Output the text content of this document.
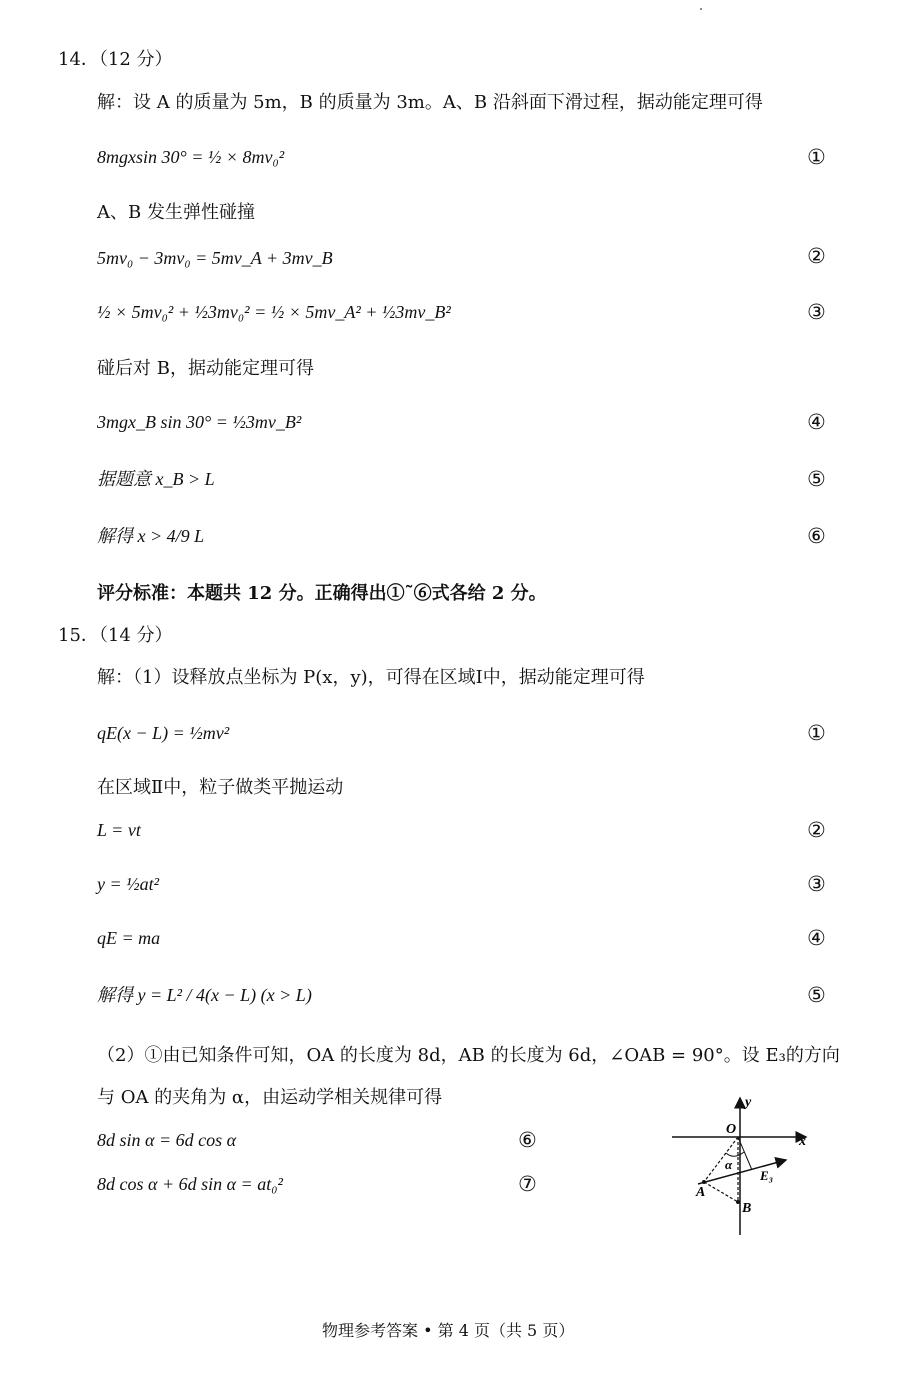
14．（12 分）
解：设 A 的质量为 5m，B 的质量为 3m。A、B 沿斜面下滑过程，据动能定理可得
8mgxsin 30° = ½ × 8mv₀²	①
A、B 发生弹性碰撞
5mv₀ − 3mv₀ = 5mv_A + 3mv_B	②
½ × 5mv₀² + ½3mv₀² = ½ × 5mv_A² + ½3mv_B²	③
碰后对 B，据动能定理可得
3mgx_B sin 30° = ½3mv_B²	④
据题意 x_B > L	⑤
解得 x > 4/9 L	⑥
评分标准：本题共 12 分。正确得出①˜⑥式各给 2 分。
15．（14 分）
解：（1）设释放点坐标为 P(x，y)，可得在区域Ⅰ中，据动能定理可得
qE(x − L) = ½mv²	①
在区域Ⅱ中，粒子做类平抛运动
L = vt	②
y = ½at²	③
qE = ma	④
解得 y = L² / 4(x − L) (x > L)	⑤
（2）①由已知条件可知，OA 的长度为 8d，AB 的长度为 6d，∠OAB = 90°。设 E₃的方向
与 OA 的夹角为 α，由运动学相关规律可得
8d sin α = 6d cos α	⑥
8d cos α + 6d sin α = at₀²	⑦
y
x
O
α
E₃
A
B
物理参考答案 • 第 4 页（共 5 页）
